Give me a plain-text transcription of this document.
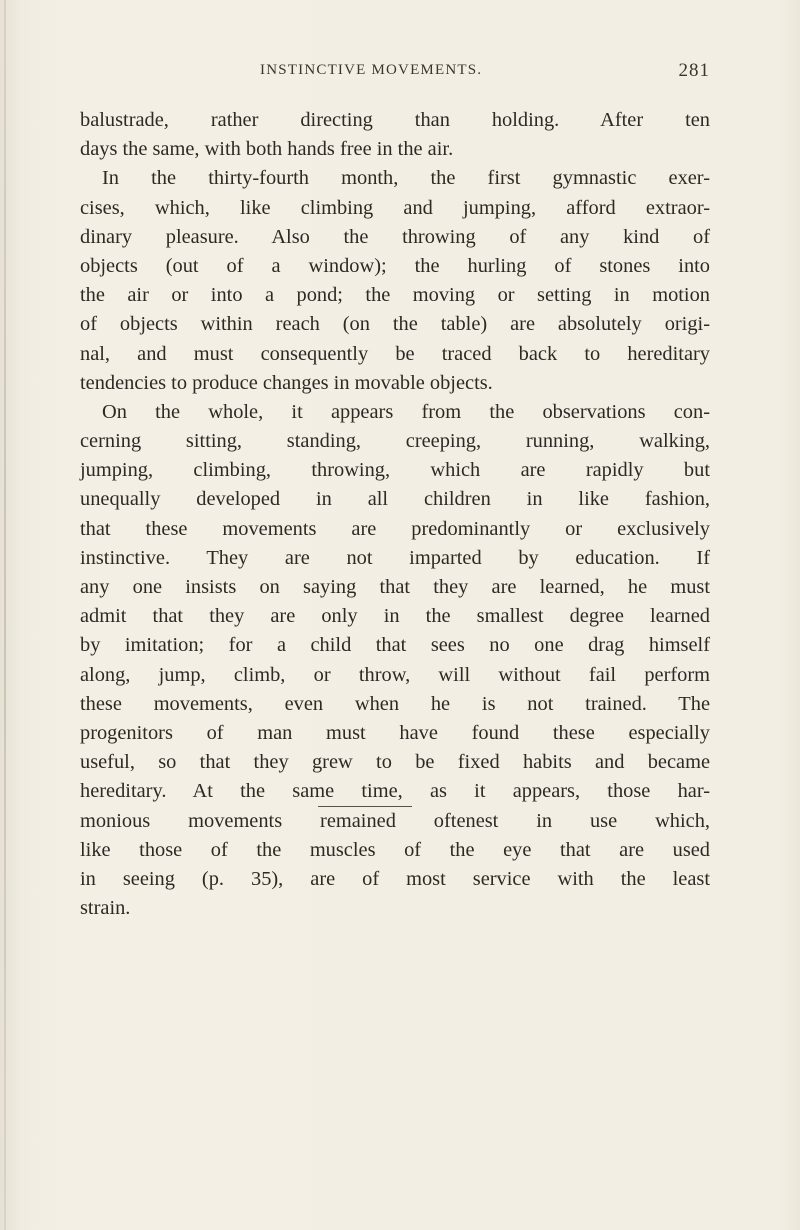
INSTINCTIVE MOVEMENTS.	281
balustrade, rather directing than holding. After ten
days the same, with both hands free in the air.
In the thirty-fourth month, the first gymnastic exer-
cises, which, like climbing and jumping, afford extraor-
dinary pleasure. Also the throwing of any kind of
objects (out of a window); the hurling of stones into
the air or into a pond; the moving or setting in motion
of objects within reach (on the table) are absolutely origi-
nal, and must consequently be traced back to hereditary
tendencies to produce changes in movable objects.
On the whole, it appears from the observations con-
cerning sitting, standing, creeping, running, walking,
jumping, climbing, throwing, which are rapidly but
unequally developed in all children in like fashion,
that these movements are predominantly or exclusively
instinctive. They are not imparted by education. If
any one insists on saying that they are learned, he must
admit that they are only in the smallest degree learned
by imitation; for a child that sees no one drag himself
along, jump, climb, or throw, will without fail perform
these movements, even when he is not trained. The
progenitors of man must have found these especially
useful, so that they grew to be fixed habits and became
hereditary. At the same time, as it appears, those har-
monious movements remained oftenest in use which,
like those of the muscles of the eye that are used
in seeing (p. 35), are of most service with the least
strain.
